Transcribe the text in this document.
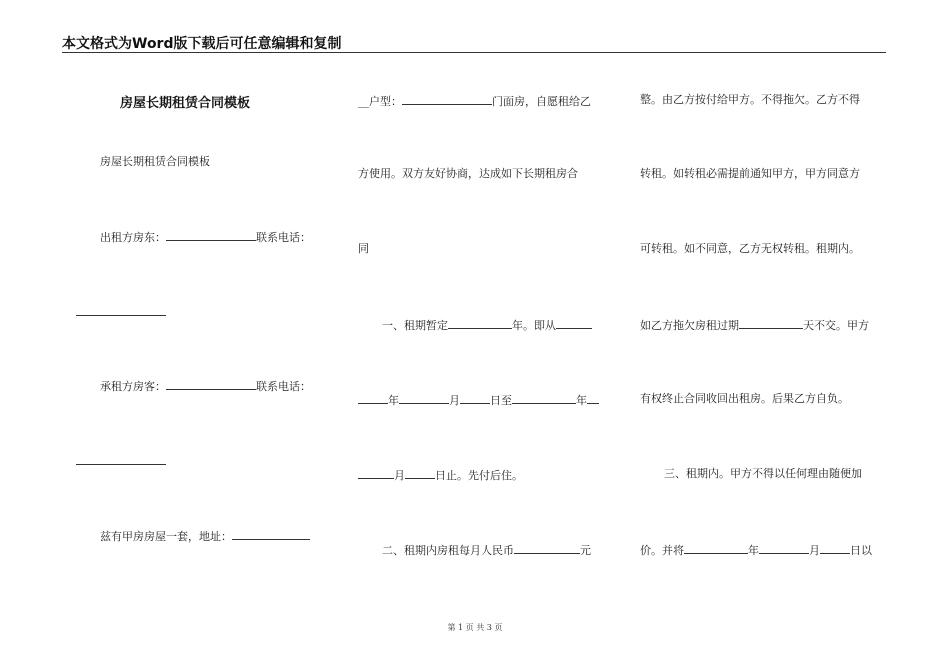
本文格式为Word版下载后可任意编辑和复制
房屋长期租赁合同模板
房屋长期租赁合同模板
出租方房东：	联系电话：
承租方房客：	联系电话：
兹有甲房房屋一套，地址：
__户型：	门面房，自愿租给乙
方使用。双方友好协商，达成如下长期租房合
同
一、租期暂定	年。即从
年	月	日至	年
月	日止。先付后住。
二、租期内房租每月人民币	元
整。由乙方按付给甲方。不得拖欠。乙方不得
转租。如转租必需提前通知甲方，甲方同意方
可转租。如不同意，乙方无权转租。租期内。
如乙方拖欠房租过期	天不交。甲方
有权终止合同收回出租房。后果乙方自负。
三、租期内。甲方不得以任何理由随便加
价。并将	年	月	日以
第 1 页 共 3 页
